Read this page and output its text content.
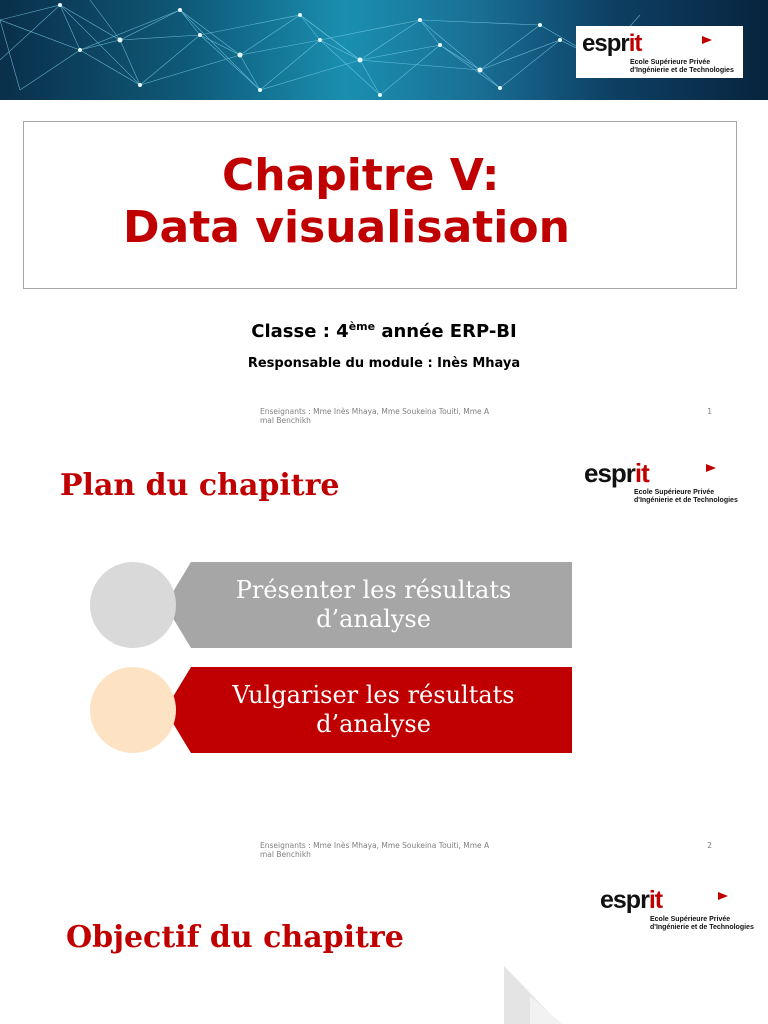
esprit
Ecole Supérieure Privée
d'Ingénierie et de Technologies
Chapitre V:
Data visualisation
Classe : 4ème année ERP-BI
Responsable du module : Inès Mhaya
Enseignants : Mme Inès Mhaya, Mme Soukeina Touiti, Mme A
mal Benchikh
1
Plan du chapitre	esprit
Ecole Supérieure Privée
d'Ingénierie et de Technologies
Présenter les résultats
d’analyse
Vulgariser les résultats
d’analyse
Enseignants : Mme Inès Mhaya, Mme Soukeina Touiti, Mme A
mal Benchikh
2
Objectif du chapitre
esprit
Ecole Supérieure Privée
d'Ingénierie et de Technologies
